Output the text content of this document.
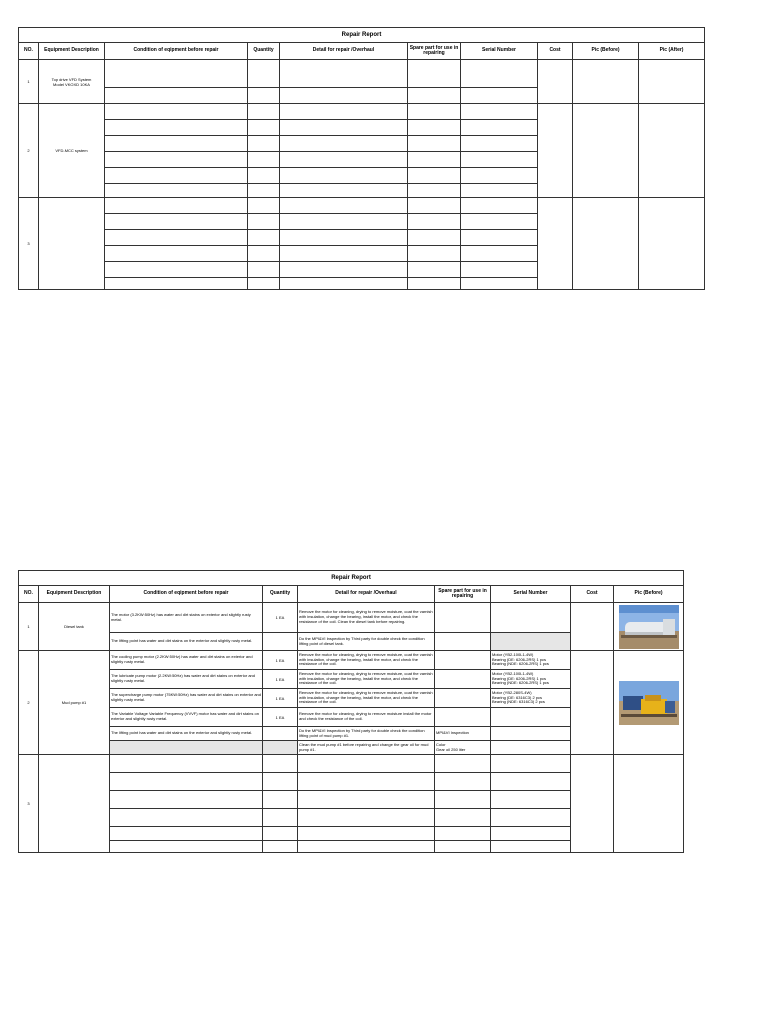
Repair Report									
NO.	Equipment Description	Condition of eqipment before repair	Quantity	Detail for repair /Overhaul	Spare part for use in repairing	Serial Number	Cost	Pic (Before)	Pic (After)
1	Top drive VFD System
Model VKOXD 10KA								

2	VFD-MCC system								

3									

Repair Report								
NO.	Equipment Description	Condition of eqipment before repair	Quantity	Detail for repair /Overhaul	Spare part for use in repairing	Serial Number	Cost	Pic (Before)
1	Diesel tank	The motor (3.2KW:50Hz) has water and dirt stains on exterior and slightly rusty metal.	1 EA	Remove the motor for cleaning, drying to remove moisture, coat the varnish with insulation, change the bearing, install the motor, and check the resistance of the coil. Clean the diesel tank before repairing.				

		The lifting point has water and dirt stains on the exterior and slightly rusty metal.		Do the MPI&VI Inspection by Third party for double check the condition lifting point of diesel tank.				
2	Mud pump #1	The cooling pump motor (2.2KW:50Hz) has water and dirt stains on exterior and slightly rusty metal.	1 EA	Remove the motor for cleaning, drying to remove moisture, coat the varnish with insulation, change the bearing, install the motor, and check the resistance of the coil.		Motor (YB2-100L1-4W)
Bearing (DE: 6206-2RS) 1 pcs
Bearing (NDE: 6206-2RS) 1 pcs		

		The lubricate pump motor (2.2KW:50Hz) has water and dirt stains on exterior and slightly rusty metal.	1 EA	Remove the motor for cleaning, drying to remove moisture, coat the varnish with insulation, change the bearing, install the motor, and check the resistance of the coil.		Motor (YB2-100L1-4W)
Bearing (DE: 6206-2RS) 1 pcs
Bearing (NDE: 6206-2RS) 1 pcs		
		The supercharge pump motor (75KW:50Hz) has water and dirt stains on exterior and slightly rusty metal.	1 EA	Remove the motor for cleaning, drying to remove moisture, coat the varnish with insulation, change the bearing, install the motor, and check the resistance of the coil.		Motor (YB2-280S-4W)
Bearing (DE: 6316C3) 2 pcs
Bearing (NDE: 6316C3) 2 pcs		
		The Variable Voltage Variable Frequency (VVVF) motor has water and dirt stains on exterior and slightly rusty metal.	1 EA	Remove the motor for cleaning, drying to remove moisture install the motor and check the resistance of the coil.				
		The lifting point has water and dirt stains on the exterior and slightly rusty metal.		Do the MPI&VI Inspection by Third party for double check the condition lifting point of mud pump #1.	MPI&VI Inspection			
				Clean the mud pump #1 before repairing and change the gear oil for mud pump #1.	Color
Gear oil 250 liter			
3								
